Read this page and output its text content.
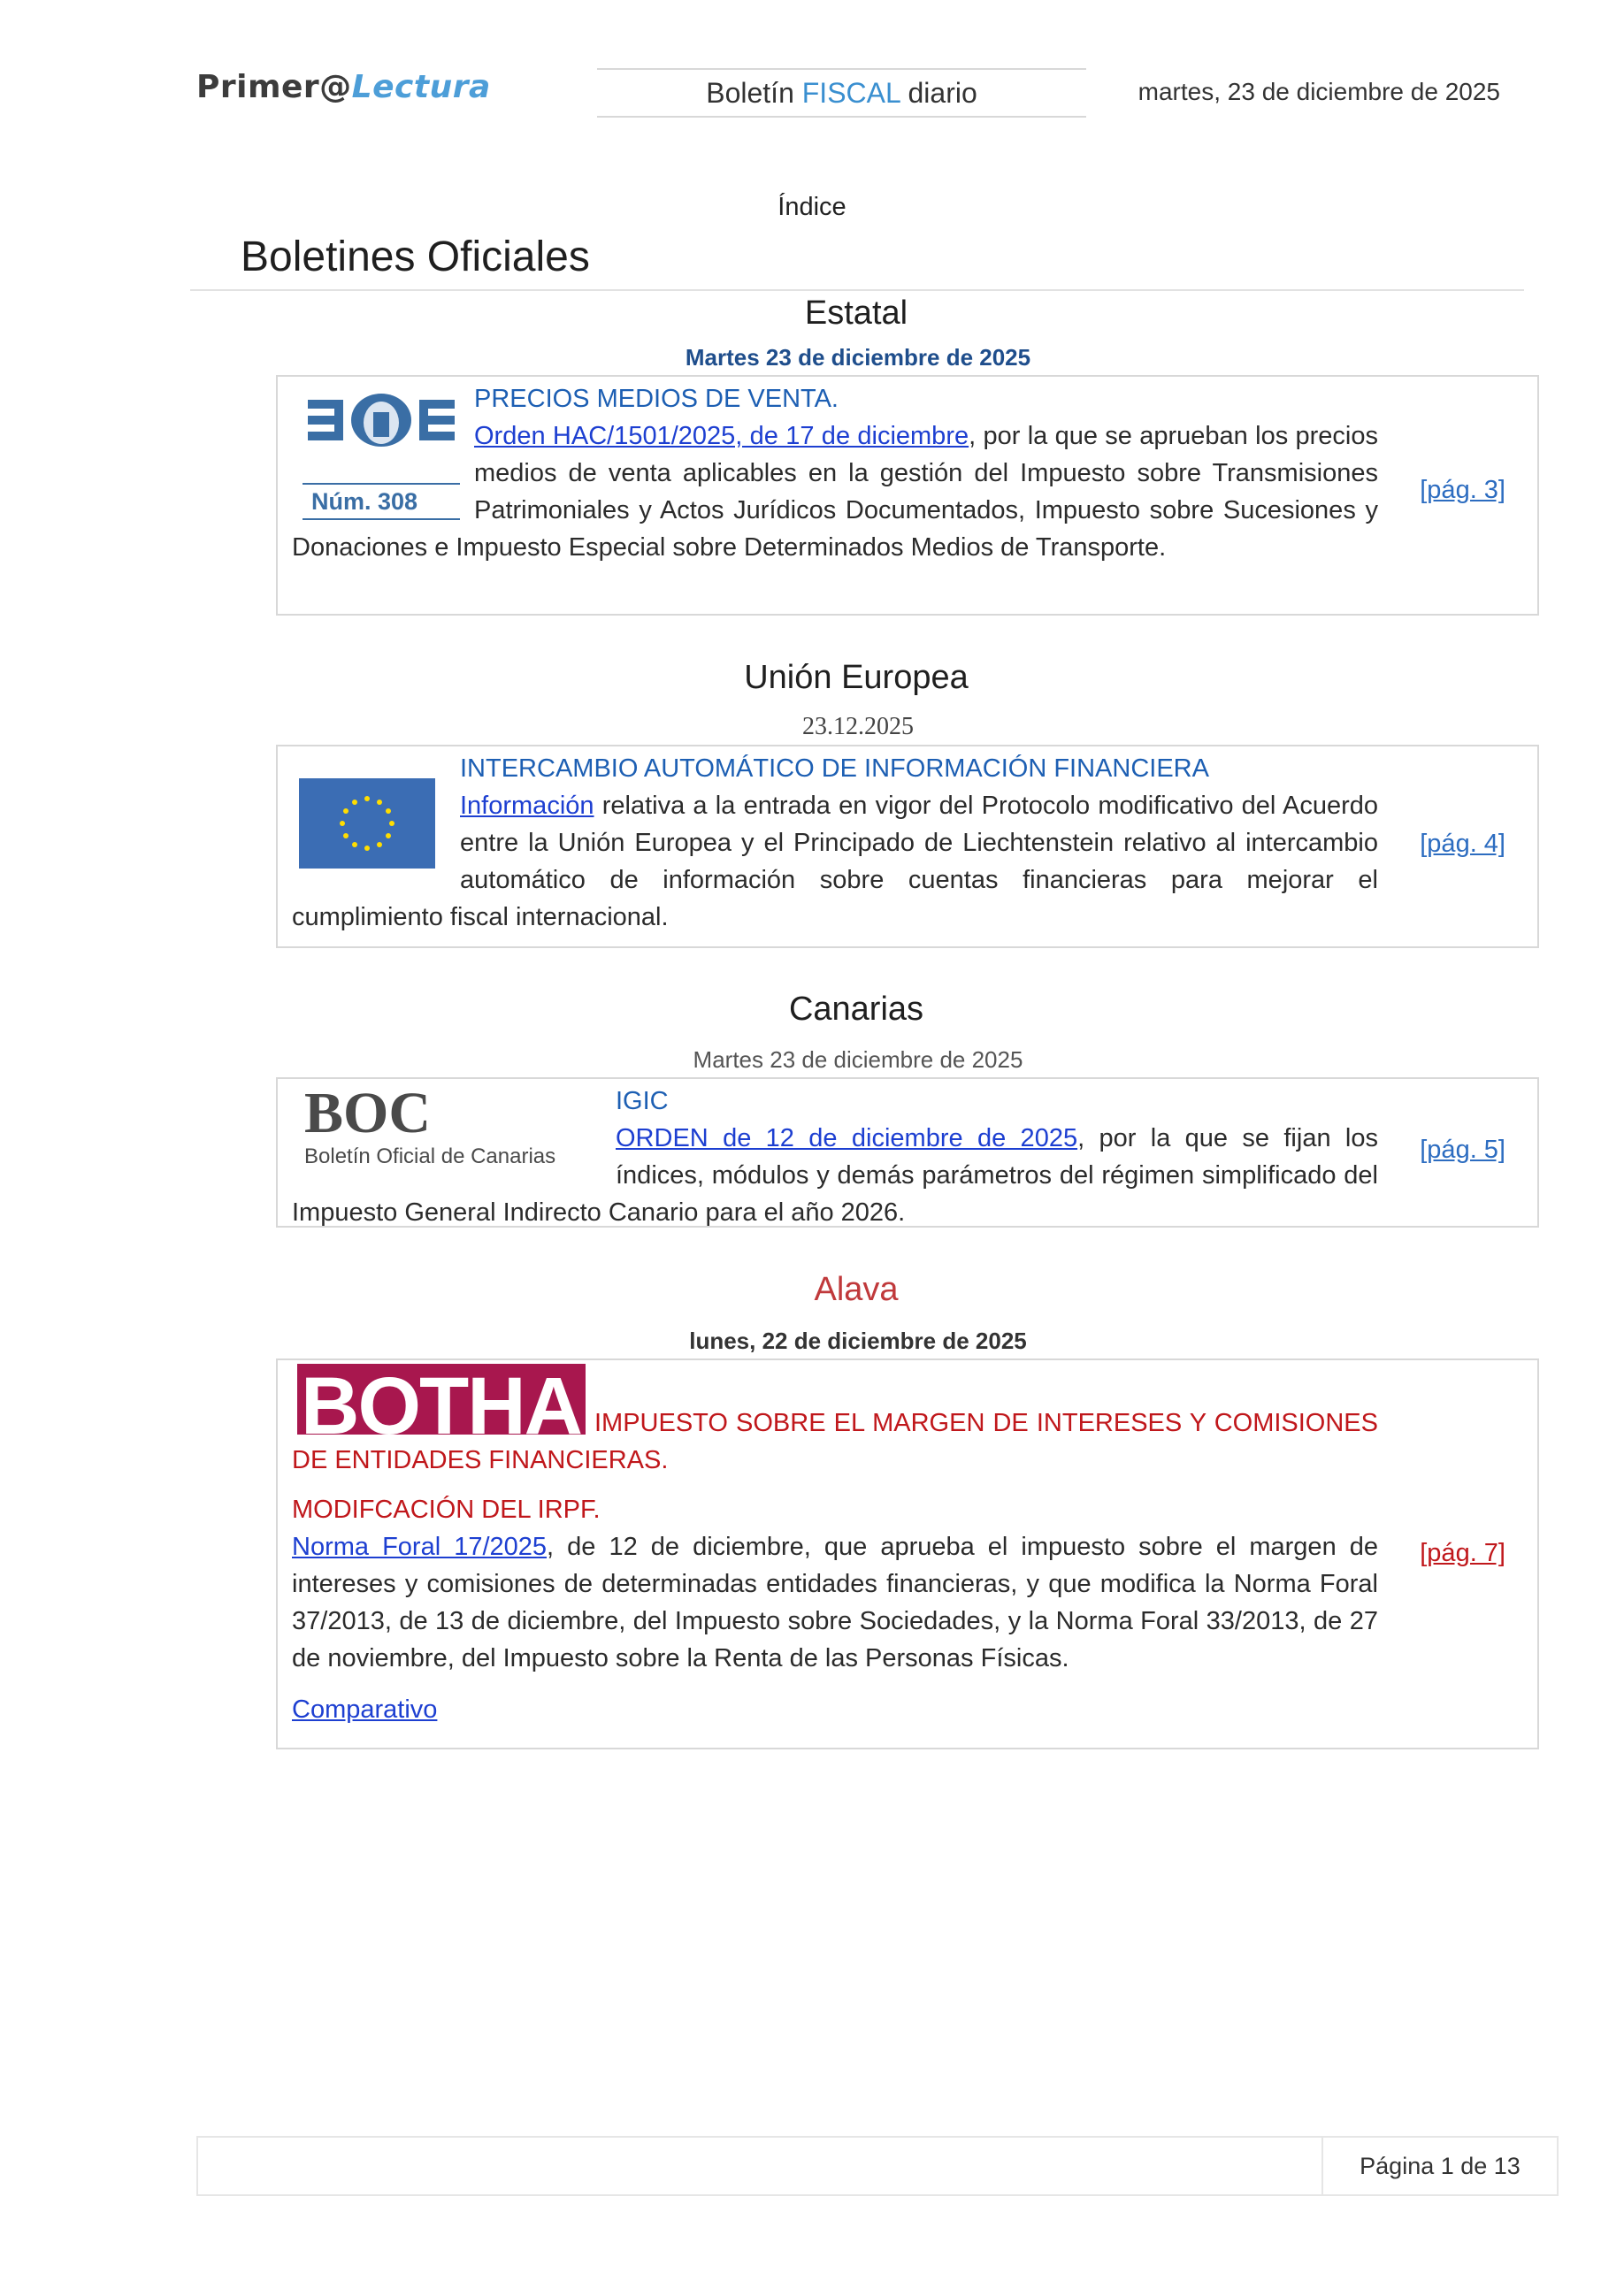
Primer@Lectura	Boletín FISCAL diario	martes, 23 de diciembre de 2025
Índice
Boletines Oficiales
Estatal
Martes 23 de diciembre de 2025
Núm. 308
PRECIOS MEDIOS DE VENTA.
Orden HAC/1501/2025, de 17 de diciembre, por la que se aprueban los precios medios de venta aplicables en la gestión del Impuesto sobre Transmisiones Patrimoniales y Actos Jurídicos Documentados, Impuesto sobre Sucesiones y Donaciones e Impuesto Especial sobre Determinados Medios de Transporte.
[pág. 3]
Unión Europea
23.12.2025
INTERCAMBIO AUTOMÁTICO DE INFORMACIÓN FINANCIERA
Información relativa a la entrada en vigor del Protocolo modificativo del Acuerdo entre la Unión Europea y el Principado de Liechtenstein relativo al intercambio automático de información sobre cuentas financieras para mejorar el cumplimiento fiscal internacional.
[pág. 4]
Canarias
Martes 23 de diciembre de 2025
BOC
Boletín Oficial de Canarias
IGIC
ORDEN de 12 de diciembre de 2025, por la que se fijan los índices, módulos y demás parámetros del régimen simplificado del Impuesto General Indirecto Canario para el año 2026.
[pág. 5]
Alava
lunes, 22 de diciembre de 2025
BOTHA IMPUESTO SOBRE EL MARGEN DE INTERESES Y COMISIONES DE ENTIDADES FINANCIERAS.
MODIFCACIÓN DEL IRPF.
Norma Foral 17/2025, de 12 de diciembre, que aprueba el impuesto sobre el margen de intereses y comisiones de determinadas entidades financieras, y que modifica la Norma Foral 37/2013, de 13 de diciembre, del Impuesto sobre Sociedades, y la Norma Foral 33/2013, de 27 de noviembre, del Impuesto sobre la Renta de las Personas Físicas.
Comparativo
[pág. 7]
Página 1 de 13
